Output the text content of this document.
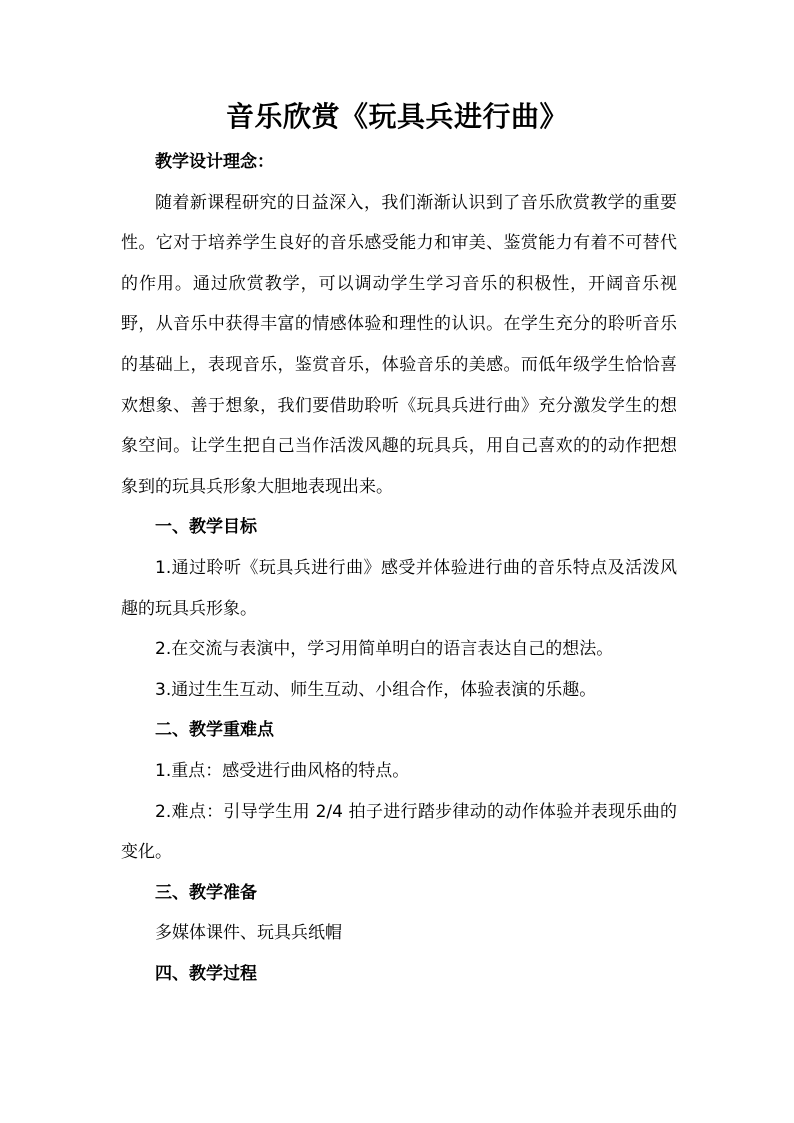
音乐欣赏《玩具兵进行曲》

教学设计理念：

随着新课程研究的日益深入，我们渐渐认识到了音乐欣赏教学的重要性。它对于培养学生良好的音乐感受能力和审美、鉴赏能力有着不可替代的作用。通过欣赏教学，可以调动学生学习音乐的积极性，开阔音乐视野，从音乐中获得丰富的情感体验和理性的认识。在学生充分的聆听音乐的基础上，表现音乐，鉴赏音乐，体验音乐的美感。而低年级学生恰恰喜欢想象、善于想象，我们要借助聆听《玩具兵进行曲》充分激发学生的想象空间。让学生把自己当作活泼风趣的玩具兵，用自己喜欢的的动作把想象到的玩具兵形象大胆地表现出来。

一、教学目标

1.通过聆听《玩具兵进行曲》感受并体验进行曲的音乐特点及活泼风趣的玩具兵形象。

2.在交流与表演中，学习用简单明白的语言表达自己的想法。

3.通过生生互动、师生互动、小组合作，体验表演的乐趣。

二、教学重难点

1.重点：感受进行曲风格的特点。

2.难点：引导学生用 2/4 拍子进行踏步律动的动作体验并表现乐曲的变化。

三、教学准备

多媒体课件、玩具兵纸帽

四、教学过程
